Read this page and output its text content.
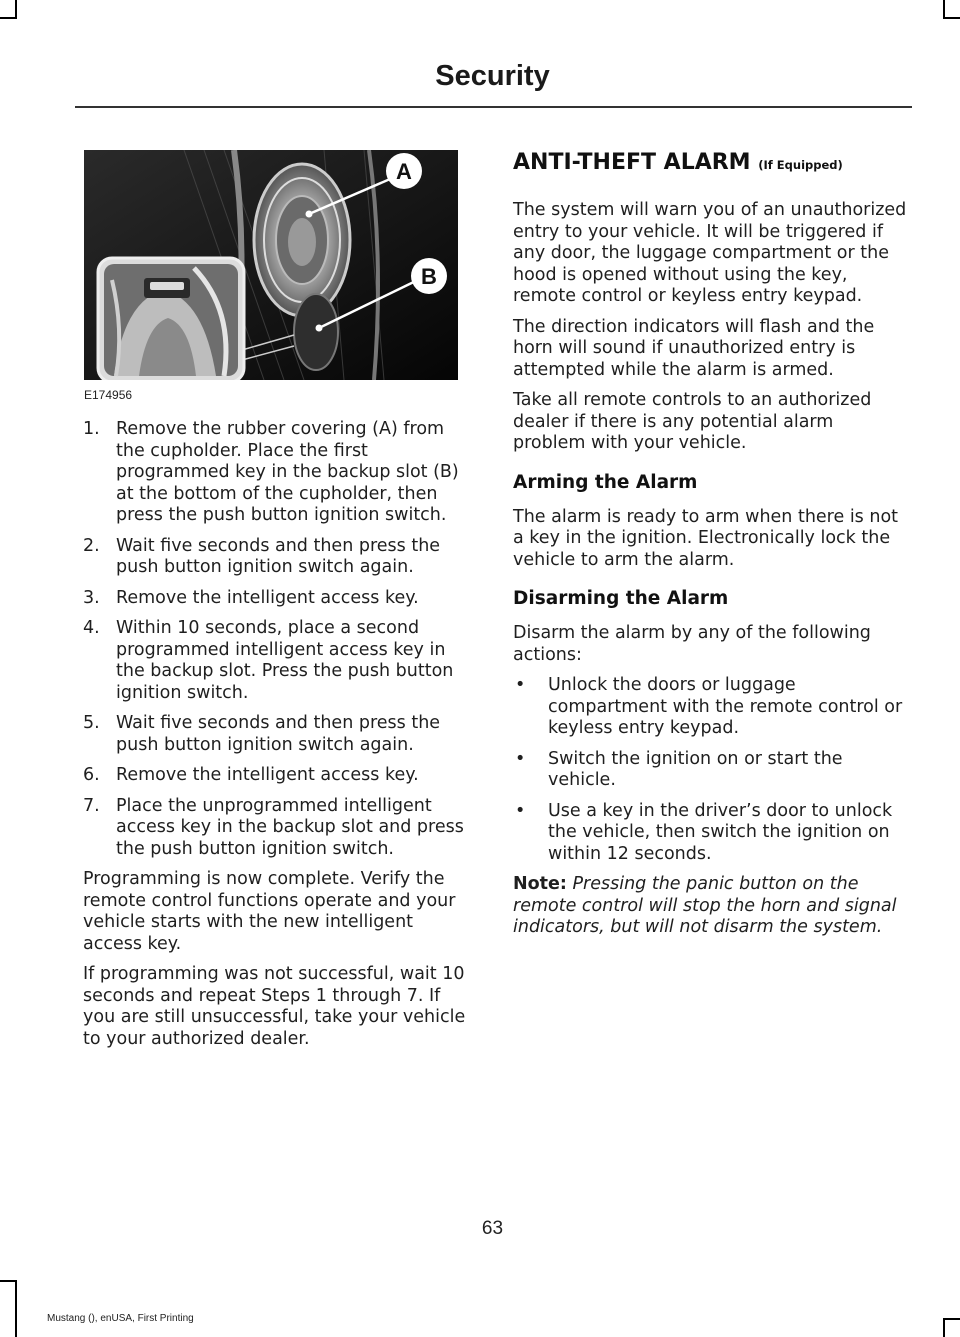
Security
A
B
E174956
1. Remove the rubber covering (A) from the cupholder. Place the first programmed key in the backup slot (B) at the bottom of the cupholder, then press the push button ignition switch.
2. Wait five seconds and then press the push button ignition switch again.
3. Remove the intelligent access key.
4. Within 10 seconds, place a second programmed intelligent access key in the backup slot. Press the push button ignition switch.
5. Wait five seconds and then press the push button ignition switch again.
6. Remove the intelligent access key.
7. Place the unprogrammed intelligent access key in the backup slot and press the push button ignition switch.

Programming is now complete. Verify the remote control functions operate and your vehicle starts with the new intelligent access key.

If programming was not successful, wait 10 seconds and repeat Steps 1 through 7. If you are still unsuccessful, take your vehicle to your authorized dealer.

ANTI-THEFT ALARM (If Equipped)

The system will warn you of an unauthorized entry to your vehicle. It will be triggered if any door, the luggage compartment or the hood is opened without using the key, remote control or keyless entry keypad.

The direction indicators will flash and the horn will sound if unauthorized entry is attempted while the alarm is armed.

Take all remote controls to an authorized dealer if there is any potential alarm problem with your vehicle.

Arming the Alarm

The alarm is ready to arm when there is not a key in the ignition. Electronically lock the vehicle to arm the alarm.

Disarming the Alarm

Disarm the alarm by any of the following actions:

• Unlock the doors or luggage compartment with the remote control or keyless entry keypad.
• Switch the ignition on or start the vehicle.
• Use a key in the driver’s door to unlock the vehicle, then switch the ignition on within 12 seconds.

Note: Pressing the panic button on the remote control will stop the horn and signal indicators, but will not disarm the system.

63
Mustang (), enUSA, First Printing
